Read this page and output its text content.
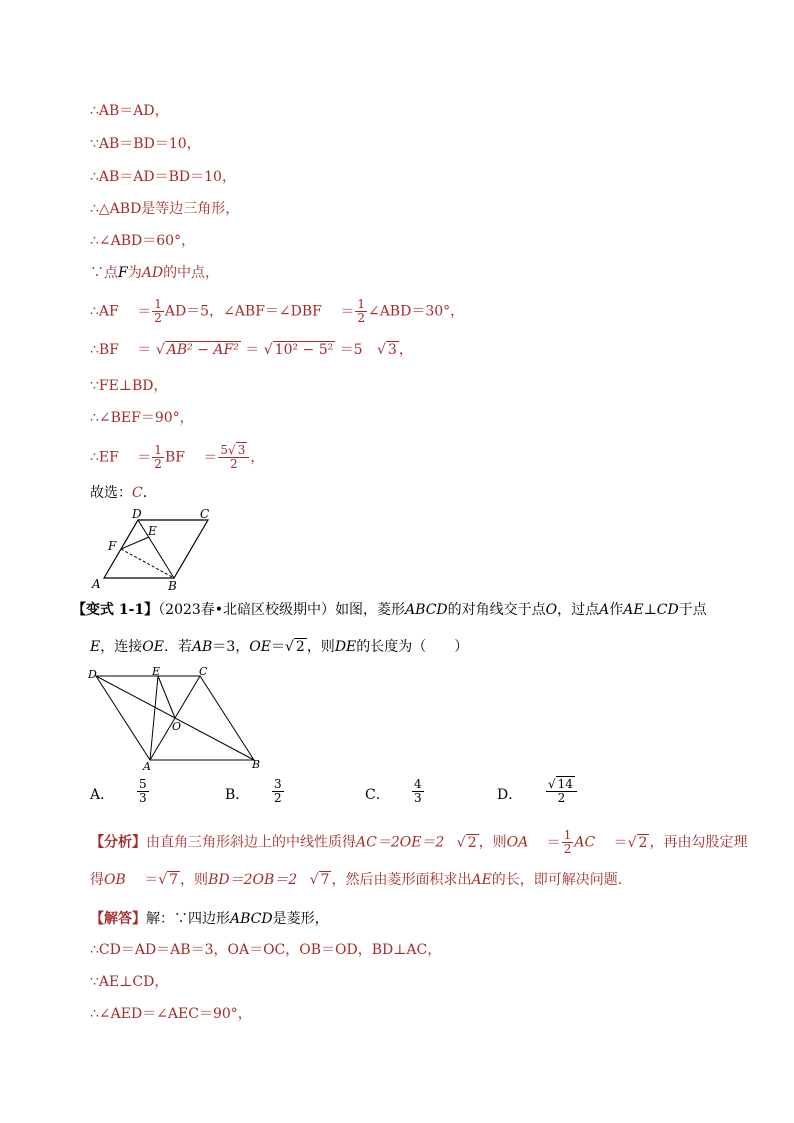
∴AB＝AD，
∵AB＝BD＝10，
∴AB＝AD＝BD＝10，
∴△ABD是等边三角形，
∴∠ABD＝60°，
∵点F为AD的中点，
∴AF ＝ $\frac{1}{2} AD=5$，∠ABF＝∠DBF ＝ $\frac{1}{2}$ ∠ABD＝30°，
∴BF ＝ √ AB² − AF² ＝ √ 10² − 5² ＝5 √ 3 ，
∵FE⊥BD，
∴∠BEF＝90°，
∴EF ＝ $\frac{1}{2}$ BF ＝ $\frac{5√ 3}{2}$ ，
故选：C．
D	C
E
F
A	B
【变式 1-1】（2023春•北碚区校级期中）如图，菱形ABCD的对角线交于点O，过点A作AE⊥CD于点
E，连接OE．若AB＝3，OE＝√ 2 ，则DE的长度为（　　）
D	E	C
O
A	B
A． $\frac{5}{3}$	B． $\frac{3}{2}$	C． $\frac{4}{3}$	D． $\frac{√ 14}{2}$
【分析】由直角三角形斜边上的中线性质得AC＝2OE＝2 √ 2 ，则OA ＝ $\frac{1}{2}$ AC ＝√ 2 ，再由勾股定理
得OB ＝√ 7 ，则BD＝2OB＝2 √ 7 ，然后由菱形面积求出AE的长，即可解决问题．
【解答】解：∵四边形ABCD是菱形，
∴CD＝AD＝AB＝3，OA＝OC，OB＝OD，BD⊥AC，
∵AE⊥CD，
∴∠AED＝∠AEC＝90°，
